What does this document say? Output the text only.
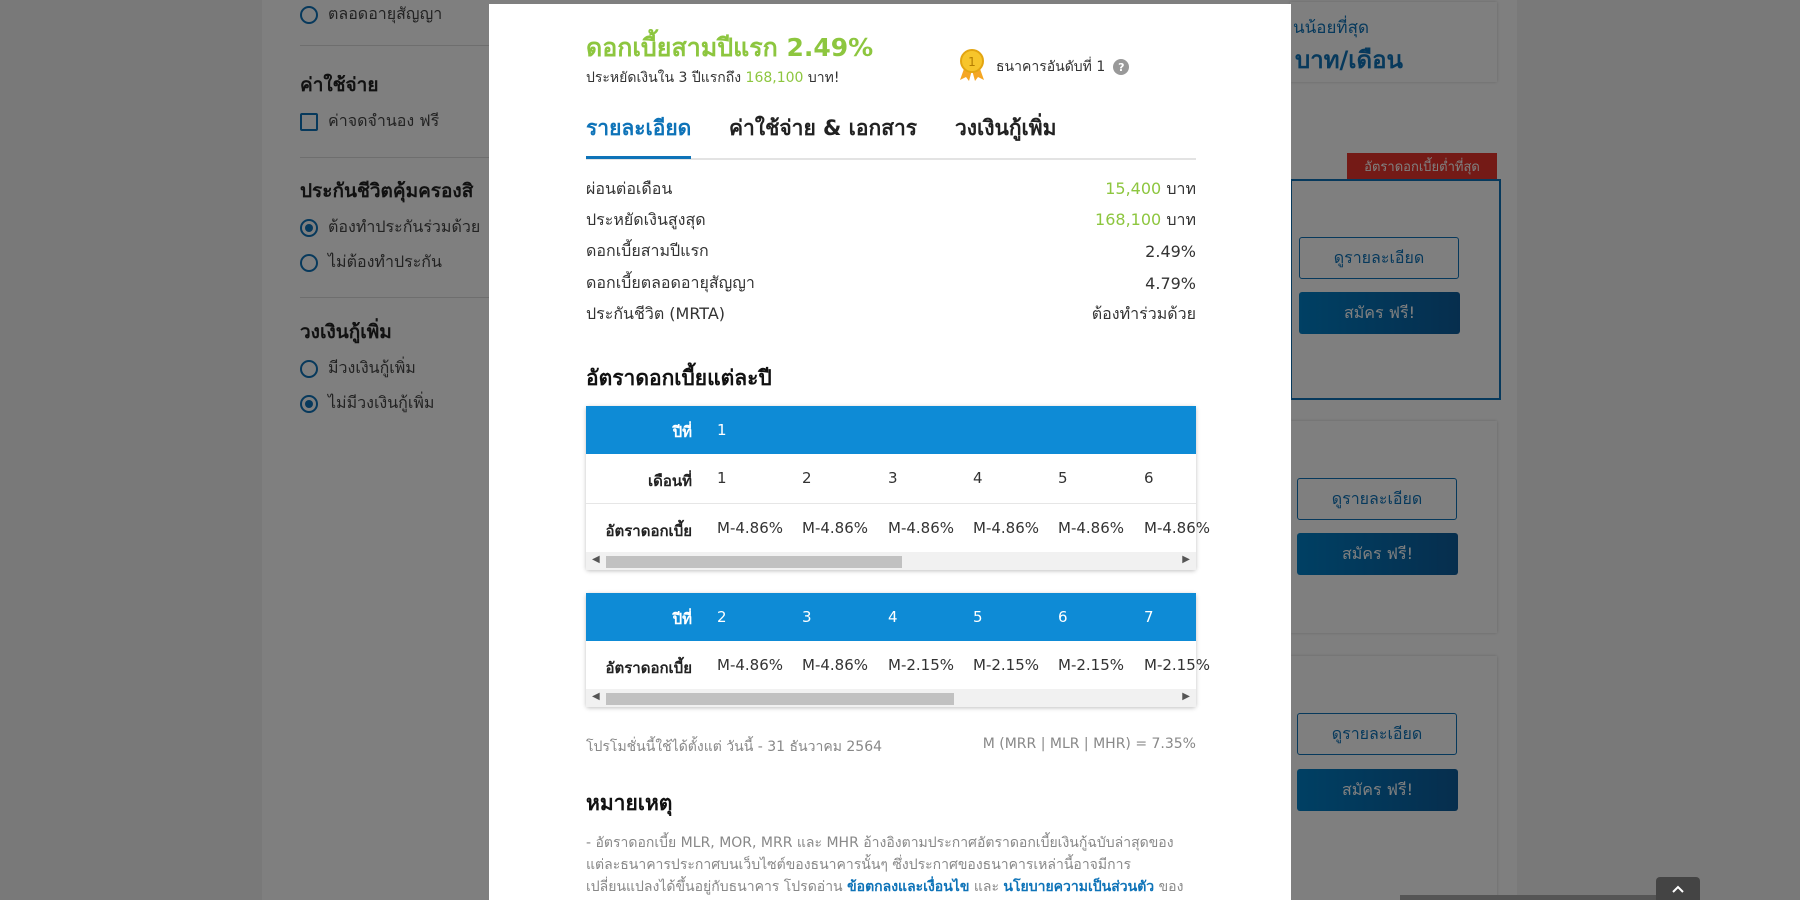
ดอกเบี้ยสามปีแรก 2.49%
ประหยัดเงินใน 3 ปีแรกถึง 168,100 บาท!
1 ธนาคารอันดับที่ 1	?
รายละเอียด ค่าใช้จ่าย & เอกสาร วงเงินกู้เพิ่ม
ผ่อนต่อเดือน	15,400 บาท
ประหยัดเงินสูงสุด	168,100 บาท
ดอกเบี้ยสามปีแรก	2.49%
ดอกเบี้ยตลอดอายุสัญญา	4.79%
ประกันชีวิต (MRTA)	ต้องทำร่วมด้วย
อัตราดอกเบี้ยแต่ละปี
ปีที่ 1
เดือนที่ 1	2	3	4	5	6
อัตราดอกเบี้ย M-4.86% M-4.86% M-4.86% M-4.86% M-4.86% M-4.86%
◀	▶
ปีที่ 2	3	4	5	6	7
อัตราดอกเบี้ย M-4.86% M-4.86% M-2.15% M-2.15% M-2.15% M-2.15%
◀	▶
โปรโมชั่นนี้ใช้ได้ตั้งแต่ วันนี้ - 31 ธันวาคม 2564	M (MRR | MLR | MHR) = 7.35%
หมายเหตุ
- อัตราดอกเบี้ย MLR, MOR, MRR และ MHR อ้างอิงตามประกาศอัตราดอกเบี้ยเงินกู้ฉบับล่าสุดของ
แต่ละธนาคารประกาศบนเว็บไซต์ของธนาคารนั้นๆ ซึ่งประกาศของธนาคารเหล่านี้อาจมีการ
เปลี่ยนแปลงได้ขึ้นอยู่กับธนาคาร โปรดอ่าน ข้อตกลงและเงื่อนไข และ นโยบายความเป็นส่วนตัว ของ
